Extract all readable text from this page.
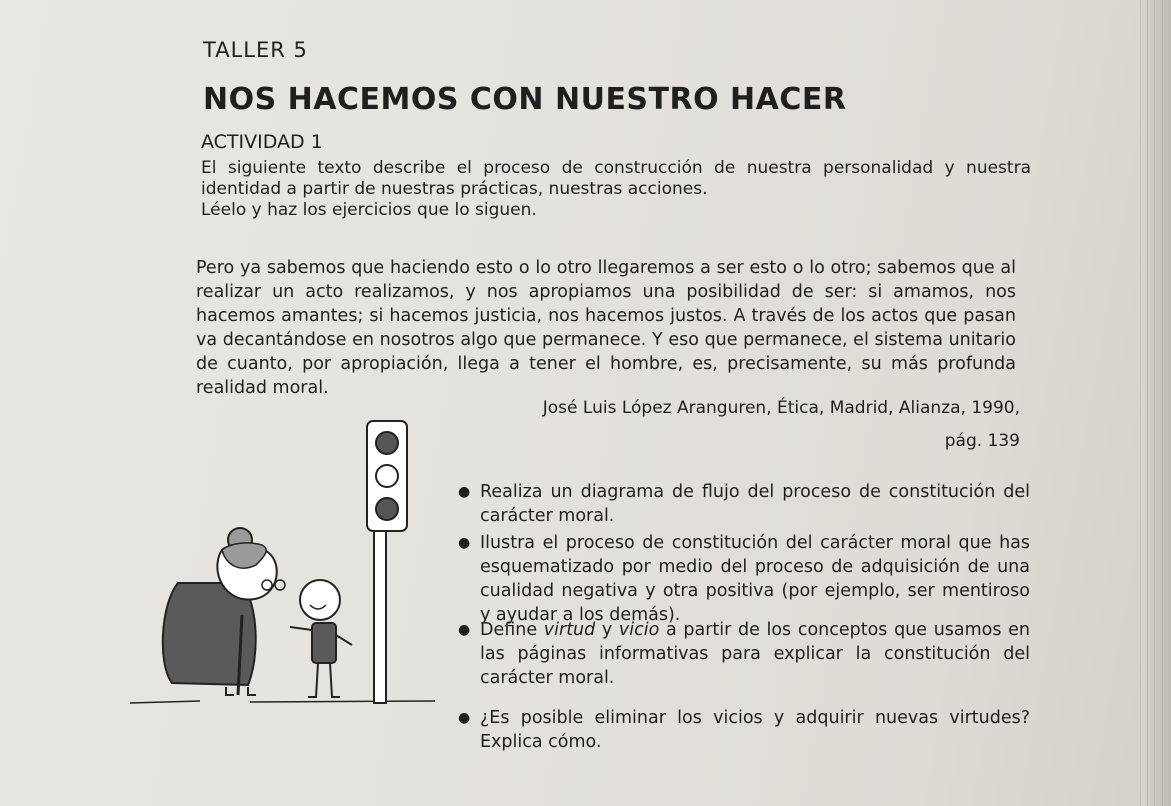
TALLER 5
NOS HACEMOS CON NUESTRO HACER
ACTIVIDAD 1

El siguiente texto describe el proceso de construcción de nuestra personalidad y nuestra

identidad a partir de nuestras prácticas, nuestras acciones.

Léelo y haz los ejercicios que lo siguen.

Pero ya sabemos que haciendo esto o lo otro llegaremos a ser esto o lo otro; sabemos que al realizar un acto realizamos, y nos apropiamos una posibilidad de ser: si amamos, nos hacemos amantes; si hacemos justicia, nos hacemos justos. A través de los actos que pasan va decantándose en nosotros algo que permanece. Y eso que permanece, el sistema unitario de cuanto, por apropiación, llega a tener el hombre, es, precisamente, su más profunda realidad moral.
José Luis López Aranguren, Ética, Madrid, Alianza, 1990,
pág. 139
● Realiza un diagrama de flujo del proceso de constitución del carácter moral.
● Ilustra el proceso de constitución del carácter moral que has esquematizado por medio del proceso de adquisición de una cualidad negativa y otra positiva (por ejemplo, ser mentiroso y ayudar a los demás).
● Define virtud y vicio a partir de los conceptos que usamos en las páginas informativas para explicar la constitución del carácter moral.
● ¿Es posible eliminar los vicios y adquirir nuevas virtudes? Explica cómo.
